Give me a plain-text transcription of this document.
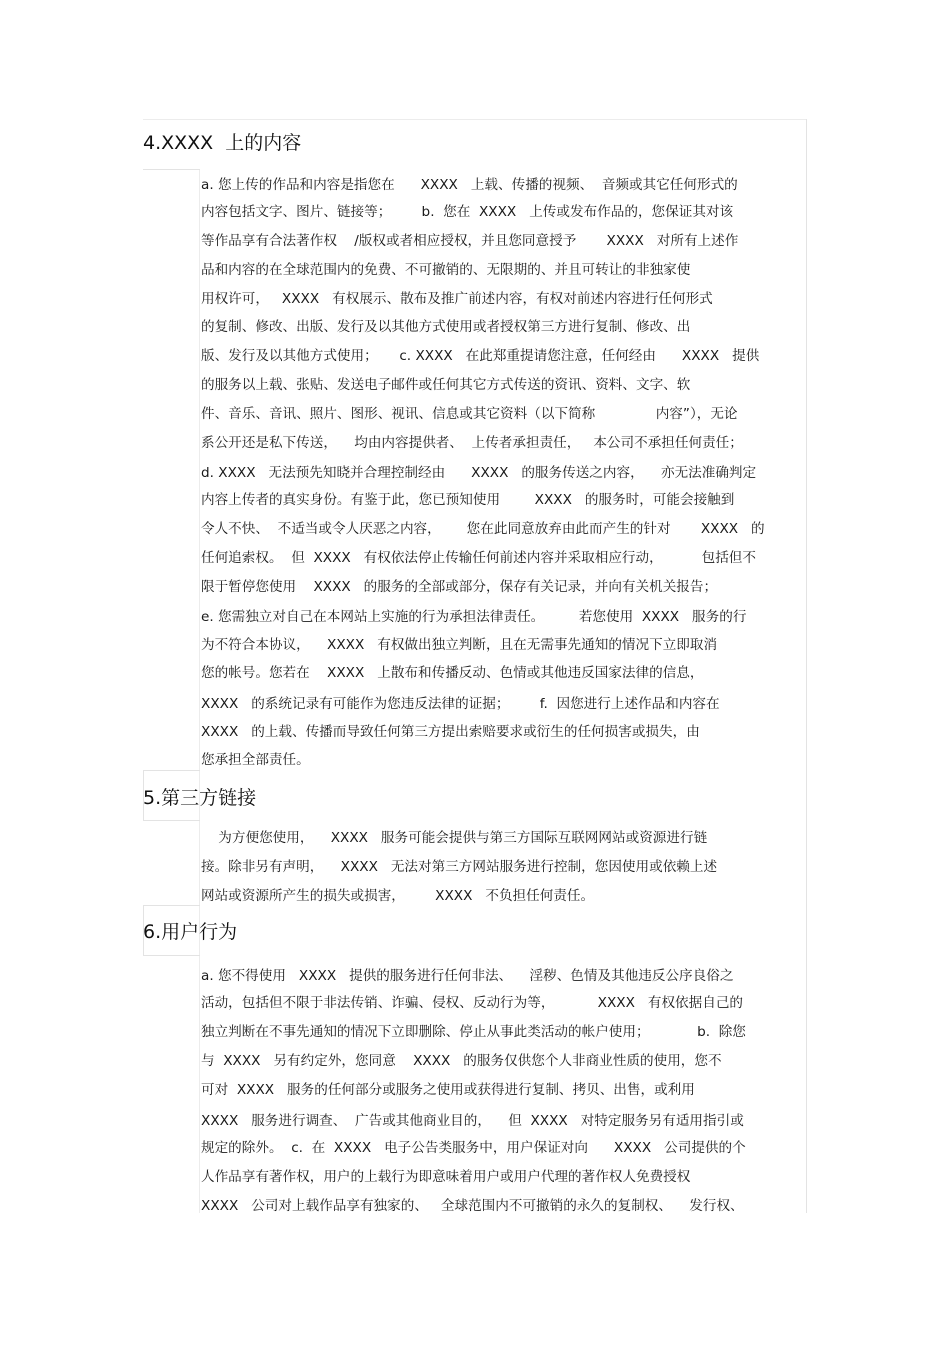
4.XXXX  上的内容
a. 您上传的作品和内容是指您在      XXXX   上载、传播的视频、  音频或其它任何形式的
内容包括文字、图片、链接等；       b.  您在  XXXX   上传或发布作品的，您保证其对该
等作品享有合法著作权    /版权或者相应授权，并且您同意授予       XXXX   对所有上述作
品和内容的在全球范围内的免费、不可撤销的、无限期的、并且可转让的非独家使
用权许可，   XXXX   有权展示、散布及推广前述内容，有权对前述内容进行任何形式
的复制、修改、出版、发行及以其他方式使用或者授权第三方进行复制、修改、出
版、发行及以其他方式使用；     c. XXXX   在此郑重提请您注意，任何经由      XXXX   提供
的服务以上载、张贴、发送电子邮件或任何其它方式传送的资讯、资料、文字、软
件、音乐、音讯、照片、图形、视讯、信息或其它资料（以下简称              内容”），无论
系公开还是私下传送，    均由内容提供者、  上传者承担责任，   本公司不承担任何责任；
d. XXXX   无法预先知晓并合理控制经由      XXXX   的服务传送之内容，    亦无法准确判定
内容上传者的真实身份。有鉴于此，您已预知使用        XXXX   的服务时，可能会接触到
令人不快、  不适当或令人厌恶之内容，      您在此同意放弃由此而产生的针对       XXXX   的
任何追索权。  但  XXXX   有权依法停止传输任何前述内容并采取相应行动，         包括但不
限于暂停您使用    XXXX   的服务的全部或部分，保存有关记录，并向有关机关报告；
e. 您需独立对自己在本网站上实施的行为承担法律责任。        若您使用  XXXX   服务的行
为不符合本协议，    XXXX   有权做出独立判断，且在无需事先通知的情况下立即取消
您的帐号。您若在    XXXX   上散布和传播反动、色情或其他违反国家法律的信息，
XXXX   的系统记录有可能作为您违反法律的证据；       f.  因您进行上述作品和内容在
XXXX   的上载、传播而导致任何第三方提出索赔要求或衍生的任何损害或损失，由
您承担全部责任。
5.第三方链接
为方便您使用，    XXXX   服务可能会提供与第三方国际互联网网站或资源进行链
接。除非另有声明，    XXXX   无法对第三方网站服务进行控制，您因使用或依赖上述
网站或资源所产生的损失或损害，       XXXX   不负担任何责任。
6.用户行为
a. 您不得使用   XXXX   提供的服务进行任何非法、    淫秽、色情及其他违反公序良俗之
活动，包括但不限于非法传销、诈骗、侵权、反动行为等，          XXXX   有权依据自己的
独立判断在不事先通知的情况下立即删除、停止从事此类活动的帐户使用；           b.  除您
与  XXXX   另有约定外，您同意    XXXX   的服务仅供您个人非商业性质的使用，您不
可对  XXXX   服务的任何部分或服务之使用或获得进行复制、拷贝、出售，或利用
XXXX   服务进行调查、  广告或其他商业目的，    但  XXXX   对特定服务另有适用指引或
规定的除外。  c.  在  XXXX   电子公告类服务中，用户保证对向      XXXX   公司提供的个
人作品享有著作权，用户的上载行为即意味着用户或用户代理的著作权人免费授权
XXXX   公司对上载作品享有独家的、   全球范围内不可撤销的永久的复制权、    发行权、
